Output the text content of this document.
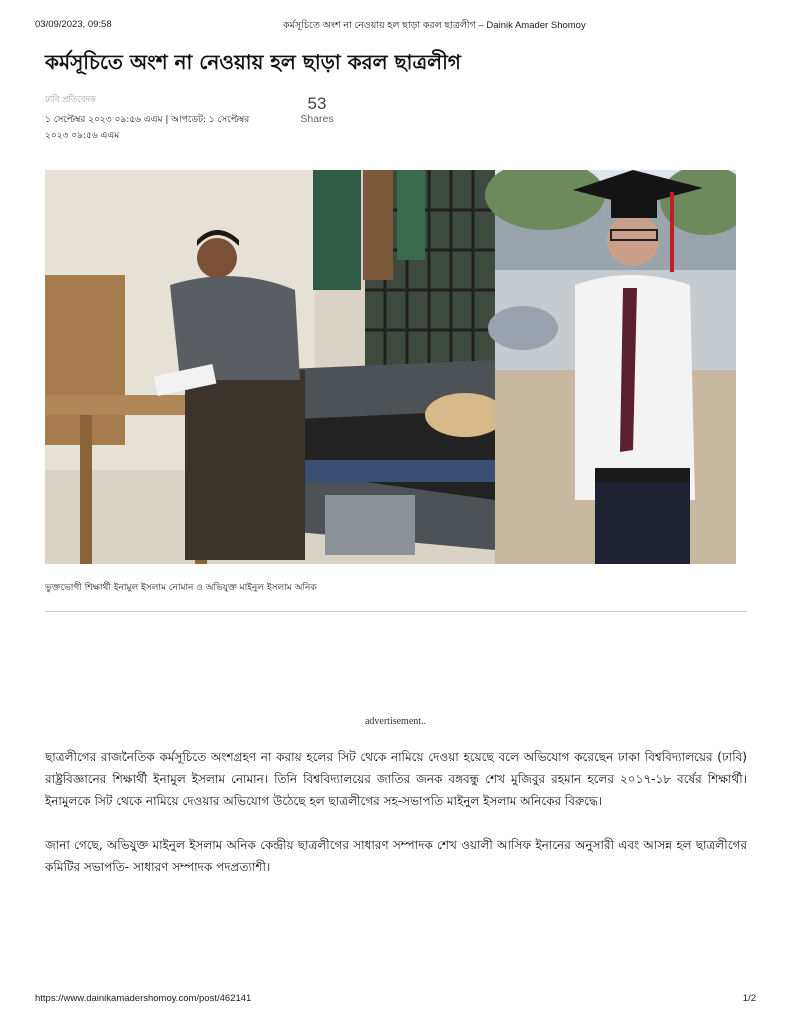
03/09/2023, 09:58	কর্মসূচিতে অংশ না নেওয়ায় হল ছাড়া করল ছাত্রলীগ – Dainik Amader Shomoy
কর্মসূচিতে অংশ না নেওয়ায় হল ছাড়া করল ছাত্রলীগ
ঢাবি প্রতিবেদক
১ সেপ্টেম্বর ২০২৩ ০৯:৫৬ এএম | আপডেট: ১ সেপ্টেম্বর ২০২৩ ০৯:৫৬ এএম
53
Shares
ভুক্তভোগী শিক্ষার্থী ইনামুল ইসলাম নোমান ও অভিযুক্ত মাইনুল ইসলাম অনিক
advertisement..

ছাত্রলীগের রাজনৈতিক কর্মসূচিতে অংশগ্রহণ না করায় হলের সিট থেকে নামিয়ে দেওয়া হয়েছে বলে অভিযোগ করেছেন ঢাকা বিশ্ববিদ্যালয়ের (ঢাবি) রাষ্ট্রবিজ্ঞানের শিক্ষার্থী ইনামুল ইসলাম নোমান। তিনি বিশ্ববিদ্যালয়ের জাতির জনক বঙ্গবন্ধু শেখ মুজিবুর রহমান হলের ২০১৭-১৮ বর্ষের শিক্ষার্থী। ইনামুলকে সিট থেকে নামিয়ে দেওয়ার অভিযোগ উঠেছে হল ছাত্রলীগের সহ-সভাপতি মাইনুল ইসলাম অনিকের বিরুদ্ধে।

জানা গেছে, অভিযুক্ত মাইনুল ইসলাম অনিক কেন্দ্রীয় ছাত্রলীগের সাধারণ সম্পাদক শেখ ওয়ালী আসিফ ইনানের অনুসারী এবং আসন্ন হল ছাত্রলীগের কমিটির সভাপতি- সাধারণ সম্পাদক পদপ্রত্যাশী।

https://www.dainikamadershomoy.com/post/462141	1/2
